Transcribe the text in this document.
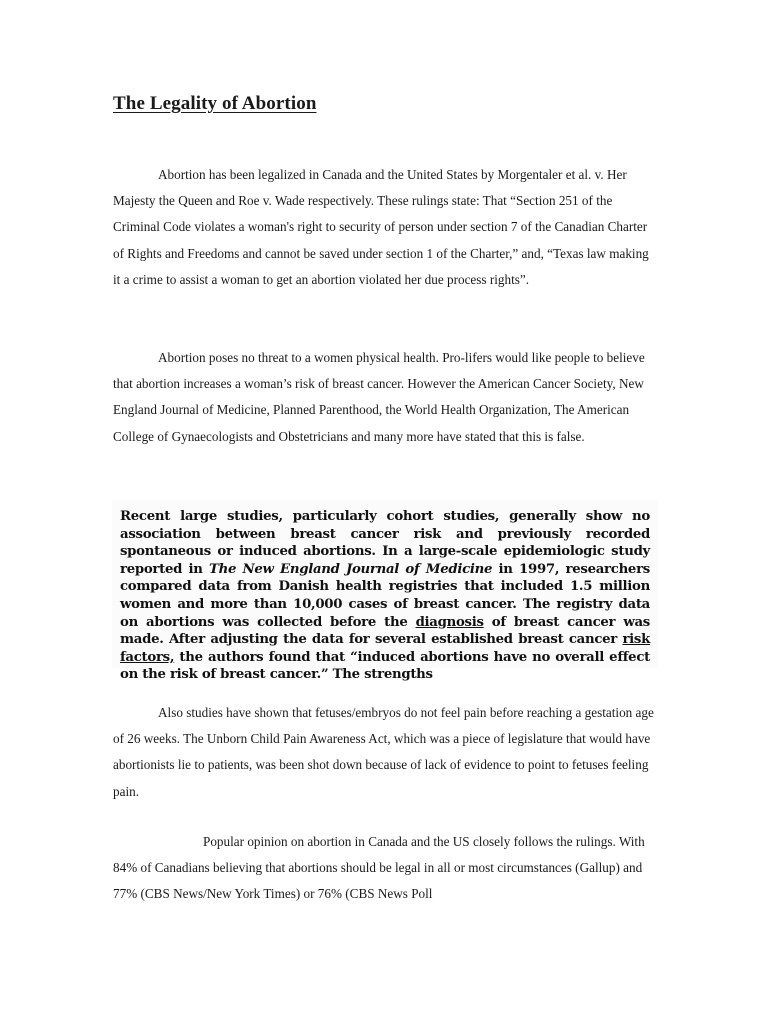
The Legality of Abortion

Abortion has been legalized in Canada and the United States by Morgentaler et al. v. Her Majesty the Queen and Roe v. Wade respectively. These rulings state: That “Section 251 of the Criminal Code violates a woman's right to security of person under section 7 of the Canadian Charter of Rights and Freedoms and cannot be saved under section 1 of the Charter,” and, “Texas law making it a crime to assist a woman to get an abortion violated her due process rights”.

Abortion poses no threat to a women physical health. Pro-lifers would like people to believe that abortion increases a woman’s risk of breast cancer. However the American Cancer Society, New England Journal of Medicine, Planned Parenthood, the World Health Organization, The American College of Gynaecologists and Obstetricians and many more have stated that this is false.

Recent large studies, particularly cohort studies, generally show no association between breast cancer risk and previously recorded spontaneous or induced abortions. In a large-scale epidemiologic study reported in The New England Journal of Medicine in 1997, researchers compared data from Danish health registries that included 1.5 million women and more than 10,000 cases of breast cancer. The registry data on abortions was collected before the diagnosis of breast cancer was made. After adjusting the data for several established breast cancer risk factors, the authors found that “induced abortions have no overall effect on the risk of breast cancer.” The strengths

Also studies have shown that fetuses/embryos do not feel pain before reaching a gestation age of 26 weeks. The Unborn Child Pain Awareness Act, which was a piece of legislature that would have abortionists lie to patients, was been shot down because of lack of evidence to point to fetuses feeling pain.

Popular opinion on abortion in Canada and the US closely follows the rulings. With 84% of Canadians believing that abortions should be legal in all or most circumstances (Gallup) and 77% (CBS News/New York Times) or 76% (CBS News Poll
